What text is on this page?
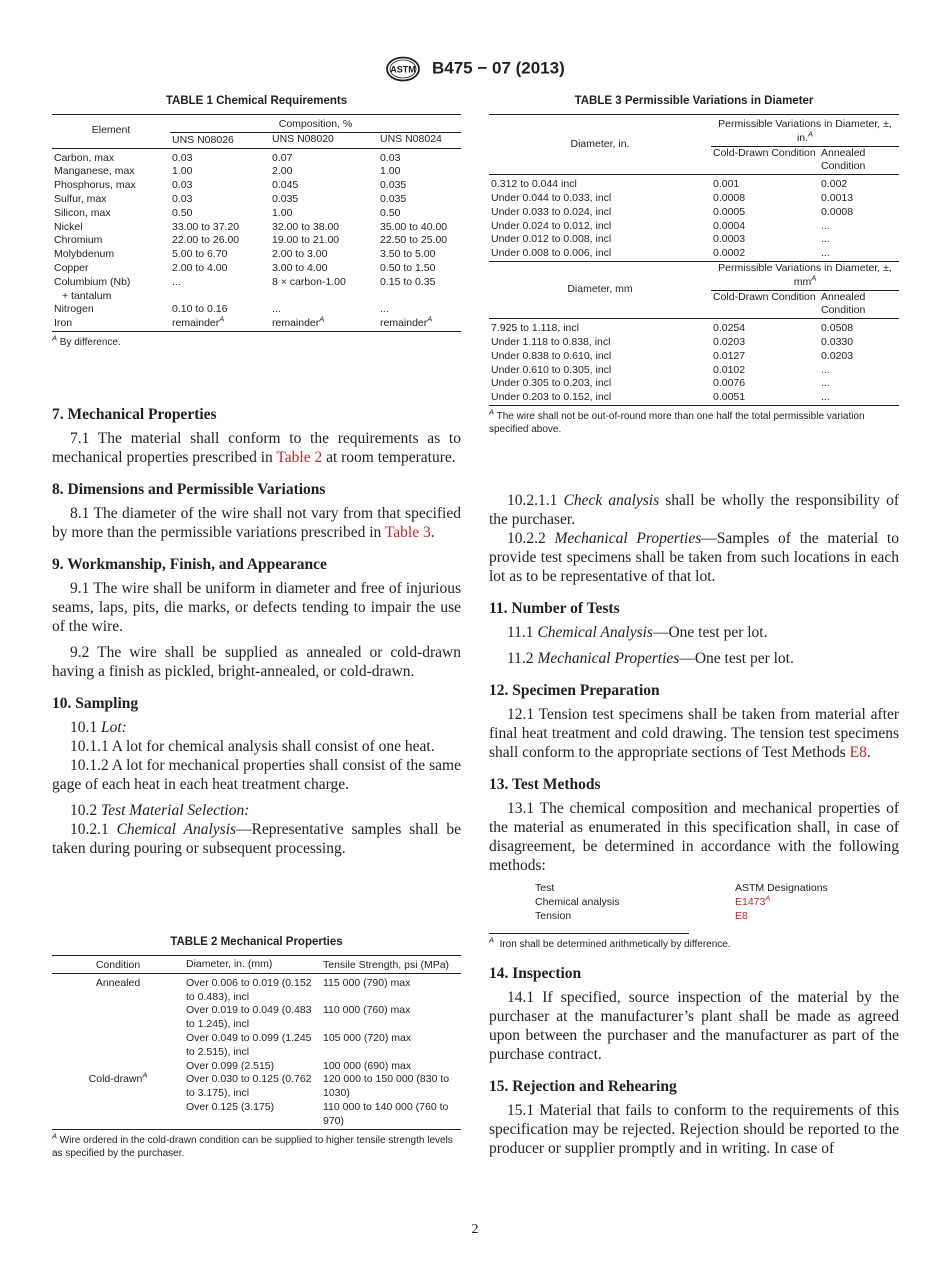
ASTM B475 − 07 (2013)
TABLE 1 Chemical Requirements
Element	Composition, %		
	UNS N08026	UNS N08020	UNS N08024
Carbon, max	0.03	0.07	0.03
Manganese, max	1.00	2.00	1.00
Phosphorus, max	0.03	0.045	0.035
Sulfur, max	0.03	0.035	0.035
Silicon, max	0.50	1.00	0.50
Nickel	33.00 to 37.20	32.00 to 38.00	35.00 to 40.00
Chromium	22.00 to 26.00	19.00 to 21.00	22.50 to 25.00
Molybdenum	5.00 to 6.70	2.00 to 3.00	3.50 to 5.00
Copper	2.00 to 4.00	3.00 to 4.00	0.50 to 1.50
Columbium (Nb)	...	8 × carbon-1.00	0.15 to 0.35
+ tantalum			
Nitrogen	0.10 to 0.16	...	...
Iron	remainder$^A$	remainder$^A$	remainder$^A$
$^A$ By difference.
TABLE 3 Permissible Variations in Diameter
Diameter, in.	Permissible Variations in Diameter, ±, in.$^A$
	Cold-Drawn Condition	Annealed Condition
0.312 to 0.044 incl	0.001	0.002
Under 0.044 to 0.033, incl	0.0008	0.0013
Under 0.033 to 0.024, incl	0.0005	0.0008
Under 0.024 to 0.012, incl	0.0004	...
Under 0.012 to 0.008, incl	0.0003	...
Under 0.008 to 0.006, incl	0.0002	...
Diameter, mm	Permissible Variations in Diameter, ±, $mm^A$
	Cold-Drawn Condition	Annealed Condition
7.925 to 1.118, incl	0.0254	0.0508
Under 1.118 to 0.838, incl	0.0203	0.0330
Under 0.838 to 0.610, incl	0.0127	0.0203
Under 0.610 to 0.305, incl	0.0102	...
Under 0.305 to 0.203, incl	0.0076	...
Under 0.203 to 0.152, incl	0.0051	...
$^A$ The wire shall not be out-of-round more than one half the total permissible variation specified above.
7. Mechanical Properties

7.1 The material shall conform to the requirements as to mechanical properties prescribed in Table 2 at room temperature.

8. Dimensions and Permissible Variations

8.1 The diameter of the wire shall not vary from that specified by more than the permissible variations prescribed in Table 3.

9. Workmanship, Finish, and Appearance

9.1 The wire shall be uniform in diameter and free of injurious seams, laps, pits, die marks, or defects tending to impair the use of the wire.

9.2 The wire shall be supplied as annealed or cold-drawn having a finish as pickled, bright-annealed, or cold-drawn.

10. Sampling

10.1 Lot:

10.1.1 A lot for chemical analysis shall consist of one heat.

10.1.2 A lot for mechanical properties shall consist of the same gage of each heat in each heat treatment charge.

10.2 Test Material Selection:

10.2.1 Chemical Analysis—Representative samples shall be taken during pouring or subsequent processing.

TABLE 2 Mechanical Properties
Condition	Diameter, in. (mm)	Tensile Strength, psi (MPa)
Annealed	Over 0.006 to 0.019 (0.152 to 0.483), incl	115 000 (790) max
	Over 0.019 to 0.049 (0.483 to 1.245), incl	110 000 (760) max
	Over 0.049 to 0.099 (1.245 to 2.515), incl	105 000 (720) max
	Over 0.099 (2.515)	100 000 (690) max
Cold-drawn$^A$	Over 0.030 to 0.125 (0.762 to 3.175), incl	120 000 to 150 000 (830 to 1030)
	Over 0.125 (3.175)	110 000 to 140 000 (760 to 970)
$^A$ Wire ordered in the cold-drawn condition can be supplied to higher tensile strength levels as specified by the purchaser.

10.2.1.1 Check analysis shall be wholly the responsibility of the purchaser.

10.2.2 Mechanical Properties—Samples of the material to provide test specimens shall be taken from such locations in each lot as to be representative of that lot.

11. Number of Tests

11.1 Chemical Analysis—One test per lot.

11.2 Mechanical Properties—One test per lot.

12. Specimen Preparation

12.1 Tension test specimens shall be taken from material after final heat treatment and cold drawing. The tension test specimens shall conform to the appropriate sections of Test Methods E8.

13. Test Methods

13.1 The chemical composition and mechanical properties of the material as enumerated in this specification shall, in case of disagreement, be determined in accordance with the following methods:

Test	ASTM Designations
Chemical analysis	$E1473^A$
Tension	E8
$^A$ Iron shall be determined arithmetically by difference.
14. Inspection

14.1 If specified, source inspection of the material by the purchaser at the manufacturer’s plant shall be made as agreed upon between the purchaser and the manufacturer as part of the purchase contract.

15. Rejection and Rehearing

15.1 Material that fails to conform to the requirements of this specification may be rejected. Rejection should be reported to the producer or supplier promptly and in writing. In case of

2
